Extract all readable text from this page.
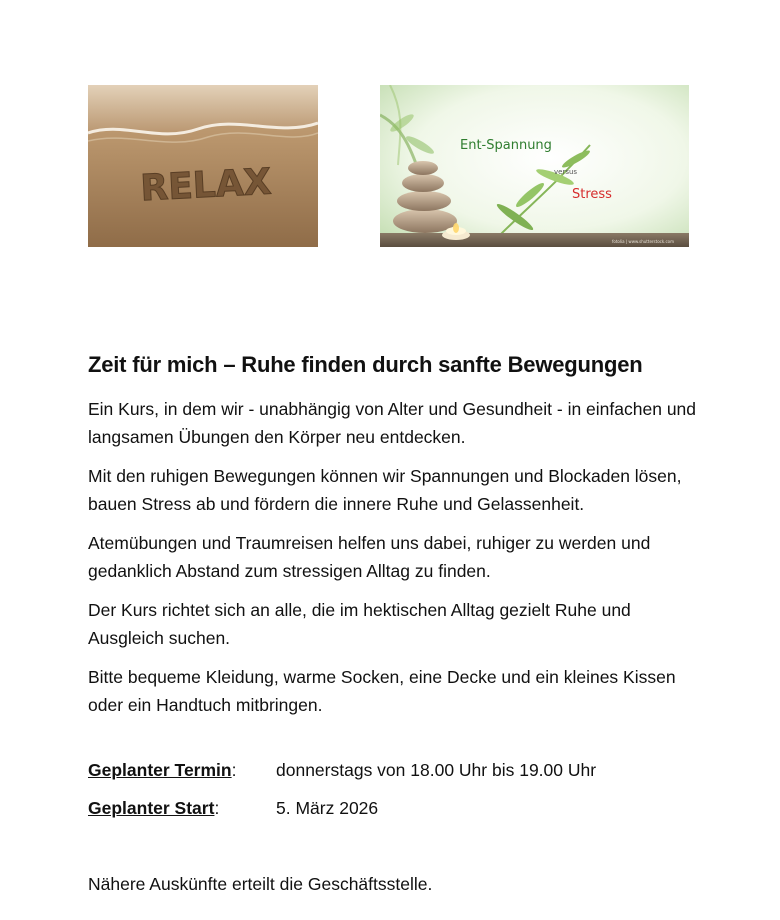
RELAX
Ent-Spannung
versus
Stress
fotolia | www.shutterstock.com
Zeit für mich – Ruhe finden durch sanfte Bewegungen

Ein Kurs, in dem wir - unabhängig von Alter und Gesundheit - in einfachen und langsamen Übungen den Körper neu entdecken.

Mit den ruhigen Bewegungen können wir Spannungen und Blockaden lösen, bauen Stress ab und fördern die innere Ruhe und Gelassenheit.

Atemübungen und Traumreisen helfen uns dabei, ruhiger zu werden und gedanklich Abstand zum stressigen Alltag zu finden.

Der Kurs richtet sich an alle, die im hektischen Alltag gezielt Ruhe und Ausgleich suchen.

Bitte bequeme Kleidung, warme Socken, eine Decke und ein kleines Kissen oder ein Handtuch mitbringen.

Geplanter Termin: donnerstags von 18.00 Uhr bis 19.00 Uhr
Geplanter Start:	5. März 2026
Nähere Auskünfte erteilt die Geschäftsstelle.
